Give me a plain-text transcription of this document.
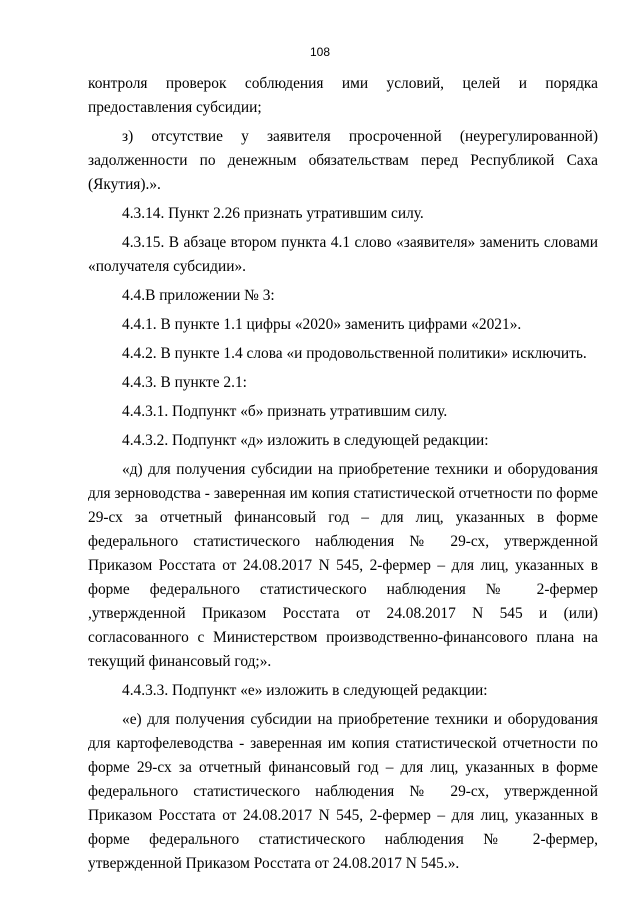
108

контроля проверок соблюдения ими условий, целей и порядка предоставления субсидии;

з) отсутствие у заявителя просроченной (неурегулированной) задолженности по денежным обязательствам перед Республикой Саха (Якутия).».

4.3.14. Пункт 2.26 признать утратившим силу.

4.3.15. В абзаце втором пункта 4.1 слово «заявителя» заменить словами «получателя субсидии».

4.4.В приложении № 3:

4.4.1. В пункте 1.1 цифры «2020» заменить цифрами «2021».

4.4.2. В пункте 1.4 слова «и продовольственной политики» исключить.

4.4.3. В пункте 2.1:

4.4.3.1. Подпункт «б» признать утратившим силу.

4.4.3.2. Подпункт «д» изложить в следующей редакции:

«д) для получения субсидии на приобретение техники и оборудования для зерноводства - заверенная им копия статистической отчетности по форме 29-сх за отчетный финансовый год – для лиц, указанных в форме федерального статистического наблюдения № 29-сх, утвержденной Приказом Росстата от 24.08.2017 N 545, 2-фермер – для лиц, указанных в форме федерального статистического наблюдения № 2-фермер ,утвержденной Приказом Росстата от 24.08.2017 N 545 и (или) согласованного с Министерством производственно-финансового плана на текущий финансовый год;».

4.4.3.3. Подпункт «е» изложить в следующей редакции:

«е) для получения субсидии на приобретение техники и оборудования для картофелеводства - заверенная им копия статистической отчетности по форме 29-сх за отчетный финансовый год – для лиц, указанных в форме федерального статистического наблюдения № 29-сх, утвержденной Приказом Росстата от 24.08.2017 N 545, 2-фермер – для лиц, указанных в форме федерального статистического наблюдения № 2-фермер, утвержденной Приказом Росстата от 24.08.2017 N 545.».
